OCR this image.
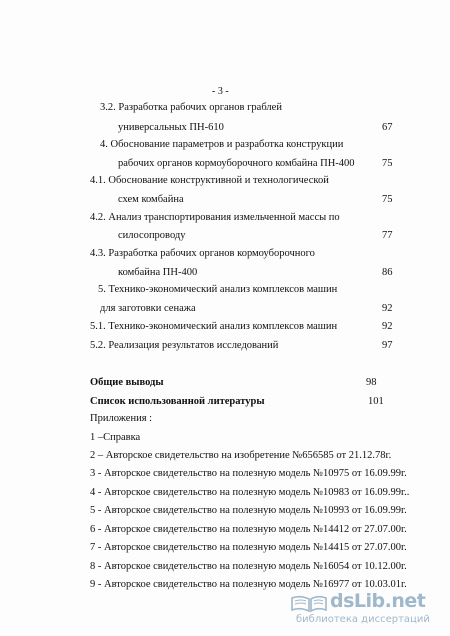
- 3 -
3.2. Разработка рабочих органов граблей
универсальных ПН-610	67
4. Обоснование параметров и разработка конструкции
рабочих органов кормоуборочного комбайна ПН-400	75
4.1. Обоснование конструктивной и технологической
схем комбайна	75
4.2. Анализ транспортирования измельченной массы по
силосопроводу	77
4.3. Разработка рабочих органов кормоуборочного
комбайна ПН-400	86
5. Технико-экономический анализ комплексов машин
для заготовки сенажа	92
5.1. Технико-экономический анализ комплексов машин	92
5.2. Реализация результатов исследований	97
Общие выводы	98
Список использованной литературы	101
Приложения :
1 –Справка
2 – Авторское свидетельство на изобретение №656585 от 21.12.78г.
3 - Авторское свидетельство на полезную модель №10975 от 16.09.99г.
4 - Авторское свидетельство на полезную модель №10983 от 16.09.99г..
5 - Авторское свидетельство на полезную модель №10993 от 16.09.99г.
6 - Авторское свидетельство на полезную модель №14412 от 27.07.00г.
7 - Авторское свидетельство на полезную модель №14415 от 27.07.00г.
8 - Авторское свидетельство на полезную модель №16054 от 10.12.00г.
9 - Авторское свидетельство на полезную модель №16977 от 10.03.01г.
dsLib.net
библиотека диссертаций
